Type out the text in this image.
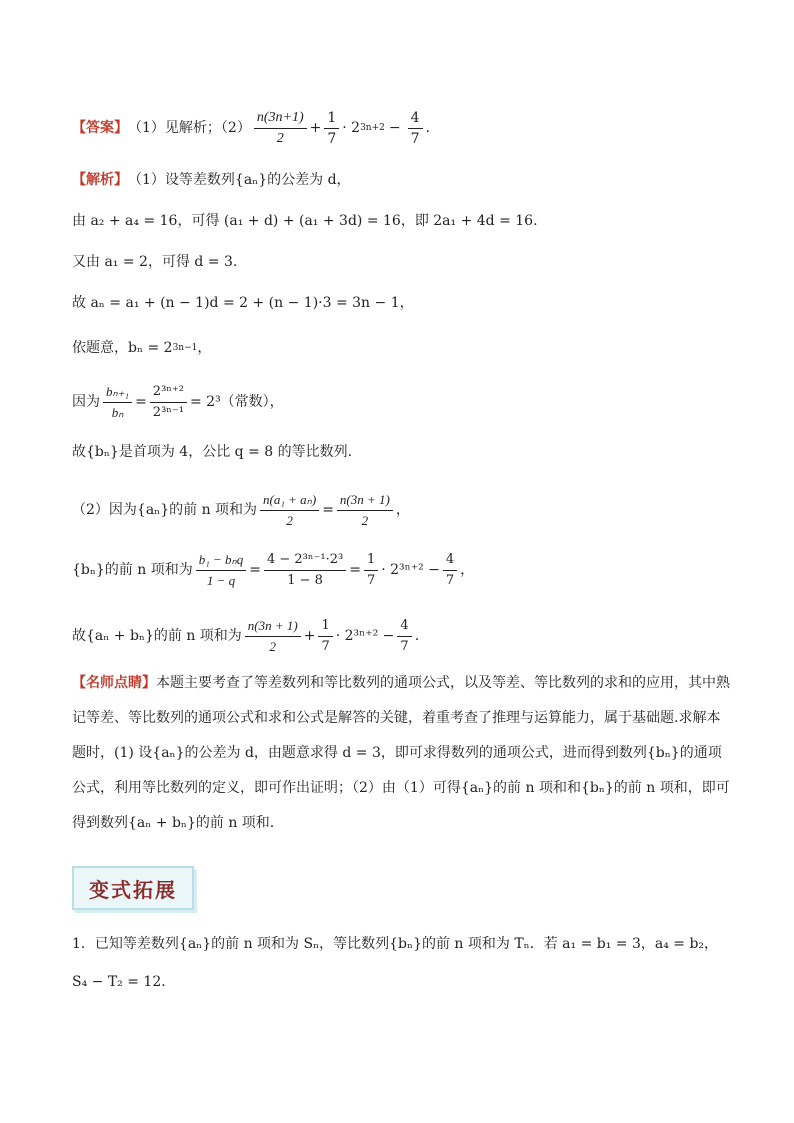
【答案】 （1）见解析；$(2) \frac{n(3n+1)}{2} + \frac{1}{7} \cdot 2$ $3n+2 - \frac{4}{7}$ .
【解析】 （1）设等差数列{aₙ}的公差为 d，
由 a₂ + a₄ = 16，可得 (a₁ + d) + (a₁ + 3d) = 16，即 2a₁ + 4d = 16.
又由 a₁ = 2，可得 d = 3.
故 aₙ = a₁ + (n − 1)d = 2 + (n − 1)·3 = 3n − 1，
依题意，bₙ = 2 3n−1 ，
因为 $\frac{\text{bₙ₊₁}}{\text{bₙ}} = \frac{\text{2³ⁿ⁺²}}{\text{2³ⁿ⁻¹}} = 2^3$（常数），
故{bₙ}是首项为 4，公比 q = 8 的等比数列.
（2）因为{aₙ}的前 n 项和为 $\frac{\text{n(a₁ + aₙ)}}{2} = \frac{n(3n + 1)}{2}$ ，
{bₙ}的前 n 项和为 $\frac{\text{b₁ − bₙq}}{1 - q} = \frac{\text{4 − 2³ⁿ⁻¹·2³}}{1 - 8} = \frac{1}{7} \cdot 2^{3n+2} - \frac{4}{7}$ ，
故{aₙ + bₙ}的前 n 项和为 $\frac{n(3n + 1)}{2} + \frac{1}{7} \cdot 2^{3n+2} - \frac{4}{7}$ .
【名师点睛】本题主要考查了等差数列和等比数列的通项公式，以及等差、等比数列的求和的应用，其中熟记等差、等比数列的通项公式和求和公式是解答的关键，着重考查了推理与运算能力，属于基础题.求解本题时，(1) 设{aₙ}的公差为 d，由题意求得 d = 3，即可求得数列的通项公式，进而得到数列{bₙ}的通项公式，利用等比数列的定义，即可作出证明；（2）由（1）可得{aₙ}的前 n 项和和{bₙ}的前 n 项和，即可得到数列{aₙ + bₙ}的前 n 项和.
变式拓展
1．已知等差数列{aₙ}的前 n 项和为 Sₙ，等比数列{bₙ}的前 n 项和为 Tₙ．若 a₁ = b₁ = 3，a₄ = b₂，
S₄ − T₂ = 12．
